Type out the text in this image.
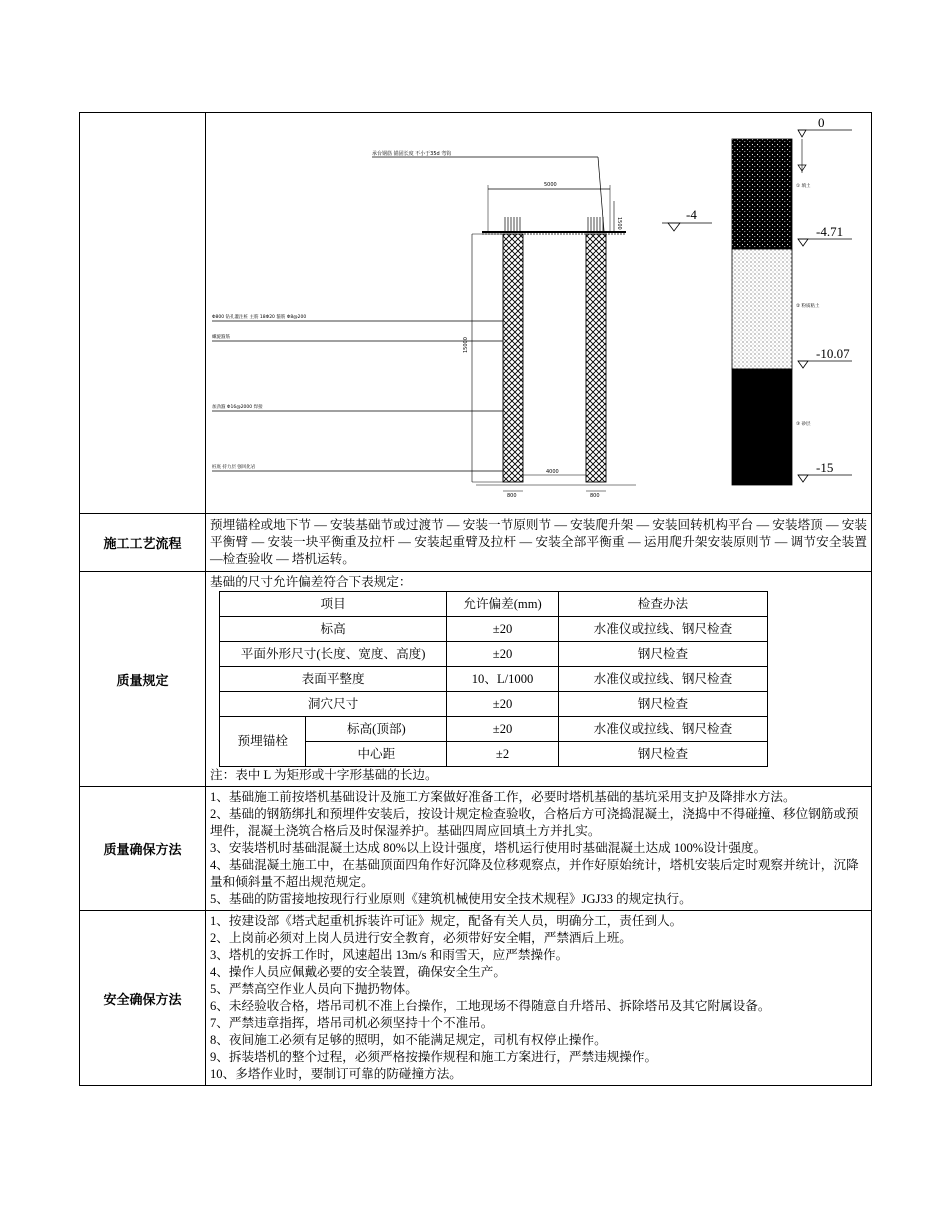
承台钢筋 锚固长度 不小于35d 弯钩
5000
1500
15000
Φ800 钻孔灌注桩 主筋 18Φ20 箍筋 Φ8@200
螺旋箍筋
加劲箍 Φ16@2000 焊接
桩底 持力层 强风化岩
800	800
4000
① 填土
② 粉质粘土
③ 砂层
0
-4
-4.71
-10.07
-15

施工工艺流程	预埋锚栓或地下节 — 安装基础节或过渡节 — 安装一节原则节 — 安装爬升架 — 安装回转机构平台 — 安装塔顶 — 安装平衡臂 — 安装一块平衡重及拉杆 — 安装起重臂及拉杆 — 安装全部平衡重 — 运用爬升架安装原则节 — 调节安全装置—检查验收 — 塔机运转。
质量规定	
基础的尺寸允许偏差符合下表规定：
项目	允许偏差(mm)	检查办法
标高	±20	水准仪或拉线、钢尺检查
平面外形尺寸(长度、宽度、高度)	±20	钢尺检查
表面平整度	10、L/1000	水准仪或拉线、钢尺检查
洞穴尺寸	±20	钢尺检查
预埋锚栓	标高(顶部)	±20	水准仪或拉线、钢尺检查
中心距	±2	钢尺检查
注：表中 L 为矩形或十字形基础的长边。

质量确保方法	
1、基础施工前按塔机基础设计及施工方案做好准备工作，必要时塔机基础的基坑采用支护及降排水方法。
2、基础的钢筋绑扎和预埋件安装后，按设计规定检查验收，合格后方可浇捣混凝土，浇捣中不得碰撞、移位钢筋或预埋件，混凝土浇筑合格后及时保湿养护。基础四周应回填土方并扎实。
3、安装塔机时基础混凝土达成 80%以上设计强度，塔机运行使用时基础混凝土达成 100%设计强度。
4、基础混凝土施工中，在基础顶面四角作好沉降及位移观察点，并作好原始统计，塔机安装后定时观察并统计，沉降量和倾斜量不超出规范规定。
5、基础的防雷接地按现行行业原则《建筑机械使用安全技术规程》JGJ33 的规定执行。

安全确保方法	
1、按建设部《塔式起重机拆装许可证》规定，配备有关人员，明确分工，责任到人。
2、上岗前必须对上岗人员进行安全教育，必须带好安全帽，严禁酒后上班。
3、塔机的安拆工作时，风速超出 13m/s 和雨雪天，应严禁操作。
4、操作人员应佩戴必要的安全装置，确保安全生产。
5、严禁高空作业人员向下抛扔物体。
6、未经验收合格，塔吊司机不准上台操作，工地现场不得随意自升塔吊、拆除塔吊及其它附属设备。
7、严禁违章指挥，塔吊司机必须坚持十个不准吊。
8、夜间施工必须有足够的照明，如不能满足规定，司机有权停止操作。
9、拆装塔机的整个过程，必须严格按操作规程和施工方案进行，严禁违规操作。
10、多塔作业时，要制订可靠的防碰撞方法。
